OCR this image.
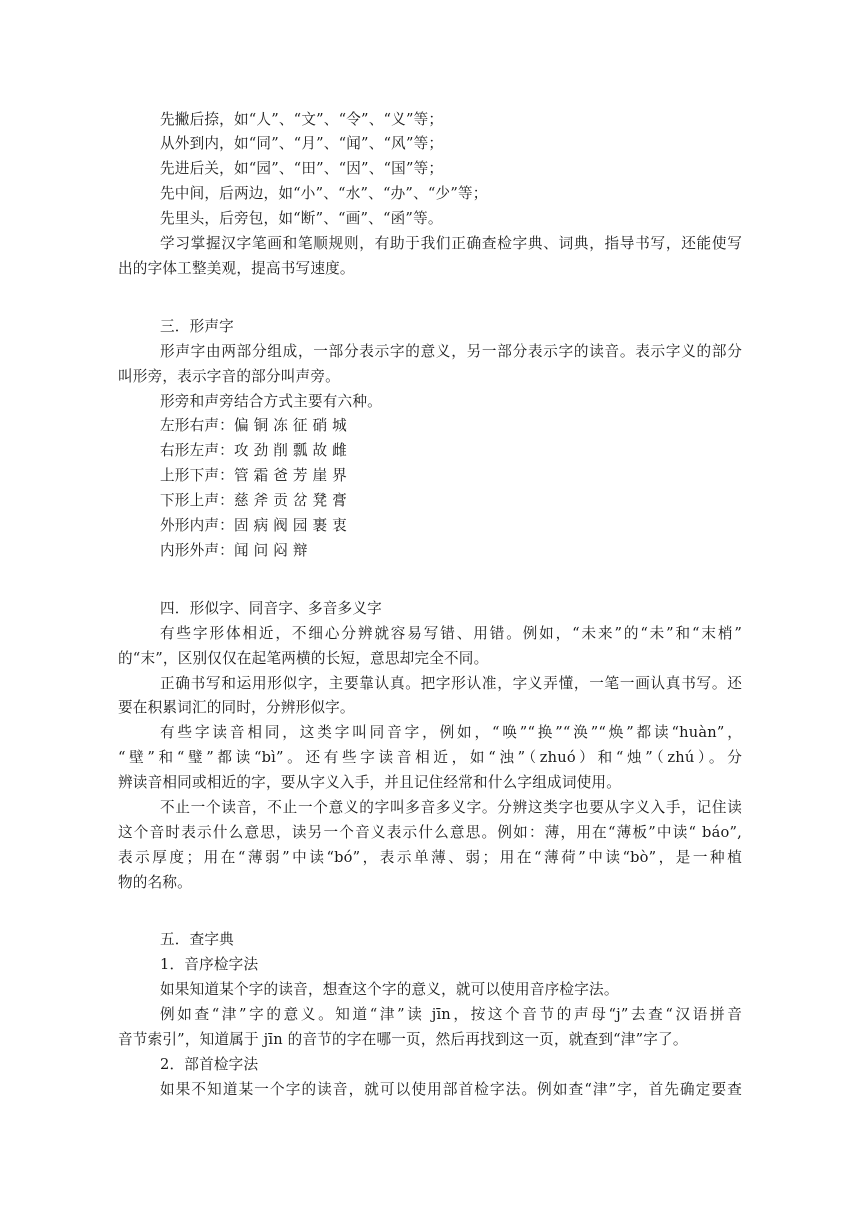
先撇后捺，如“人”、“文”、“令”、“义”等；
从外到内，如“同”、“月”、“闻”、“风”等；
先进后关，如“园”、“田”、“因”、“国”等；
先中间，后两边，如“小”、“水”、“办”、“少”等；
先里头，后旁包，如“断”、“画”、“函”等。
学习掌握汉字笔画和笔顺规则，有助于我们正确查检字典、词典，指导书写，还能使写
出的字体工整美观，提高书写速度。
三．形声字
形声字由两部分组成，一部分表示字的意义，另一部分表示字的读音。表示字义的部分
叫形旁，表示字音的部分叫声旁。
形旁和声旁结合方式主要有六种。
左形右声：偏 铜 冻 征 硝 城
右形左声：攻 劲 削 瓢 故 雌
上形下声：管 霜 爸 芳 崖 界
下形上声：慈 斧 贡 岔 凳 膏
外形内声：固 病 阀 园 裹 衷
内形外声：闻 问 闷 辩
四．形似字、同音字、多音多义字
有些字形体相近，不细心分辨就容易写错、用错。例如，“未来”的“未”和“末梢”
的“末”，区别仅仅在起笔两横的长短，意思却完全不同。
正确书写和运用形似字，主要靠认真。把字形认准，字义弄懂，一笔一画认真书写。还
要在积累词汇的同时，分辨形似字。
有些字读音相同，这类字叫同音字，例如，“唤”“换”“涣”“焕”都读“huàn”，
“壁”和“璧”都读“bì”。还有些字读音相近，如“浊”（zhuó）和“烛”（zhú）。分
辨读音相同或相近的字，要从字义入手，并且记住经常和什么字组成词使用。
不止一个读音，不止一个意义的字叫多音多义字。分辨这类字也要从字义入手，记住读
这个音时表示什么意思，读另一个音义表示什么意思。例如：薄，用在“薄板”中读“ báo”,
表示厚度；用在“薄弱”中读“bó”，表示单薄、弱；用在“薄荷”中读“bò”，是一种植
物的名称。
五．查字典
1．音序检字法
如果知道某个字的读音，想查这个字的意义，就可以使用音序检字法。
例如查“津”字的意义。知道“津”读 jīn，按这个音节的声母“j”去查“汉语拼音
音节索引”，知道属于 jīn 的音节的字在哪一页，然后再找到这一页，就查到“津”字了。
2．部首检字法
如果不知道某一个字的读音，就可以使用部首检字法。例如查“津”字，首先确定要查
